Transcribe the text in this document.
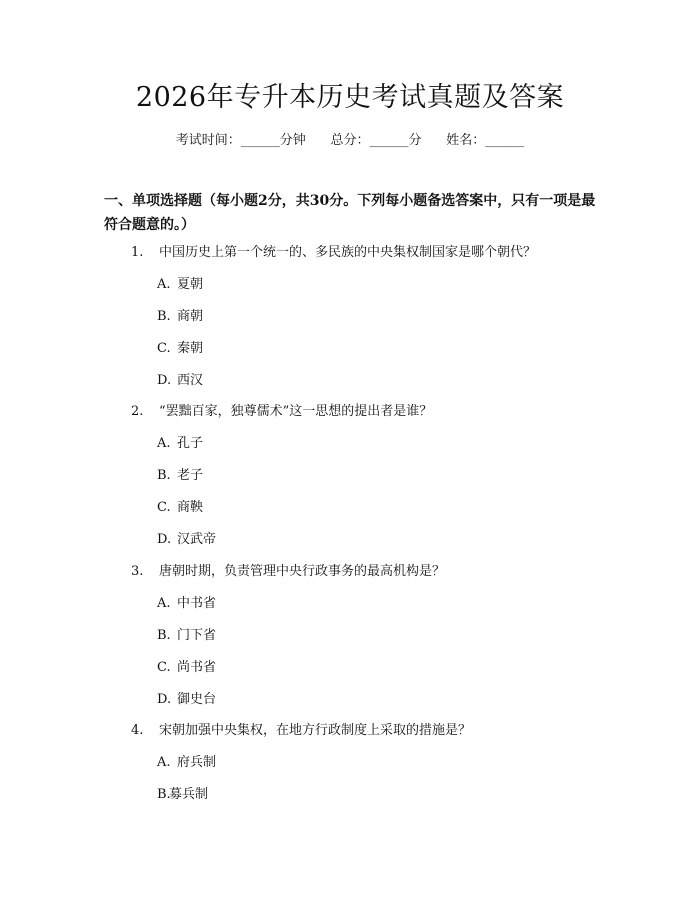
2026年专升本历史考试真题及答案
考试时间：______分钟      总分：______分      姓名：______
一、单项选择题（每小题2分，共30分。下列每小题备选答案中，只有一项是最符合题意的。）
1. 中国历史上第一个统一的、多民族的中央集权制国家是哪个朝代？
A. 夏朝
B. 商朝
C. 秦朝
D. 西汉
2. “罢黜百家，独尊儒术”这一思想的提出者是谁？
A. 孔子
B. 老子
C. 商鞅
D. 汉武帝
3. 唐朝时期，负责管理中央行政事务的最高机构是？
A. 中书省
B. 门下省
C. 尚书省
D. 御史台
4. 宋朝加强中央集权，在地方行政制度上采取的措施是？
A. 府兵制
B.募兵制
